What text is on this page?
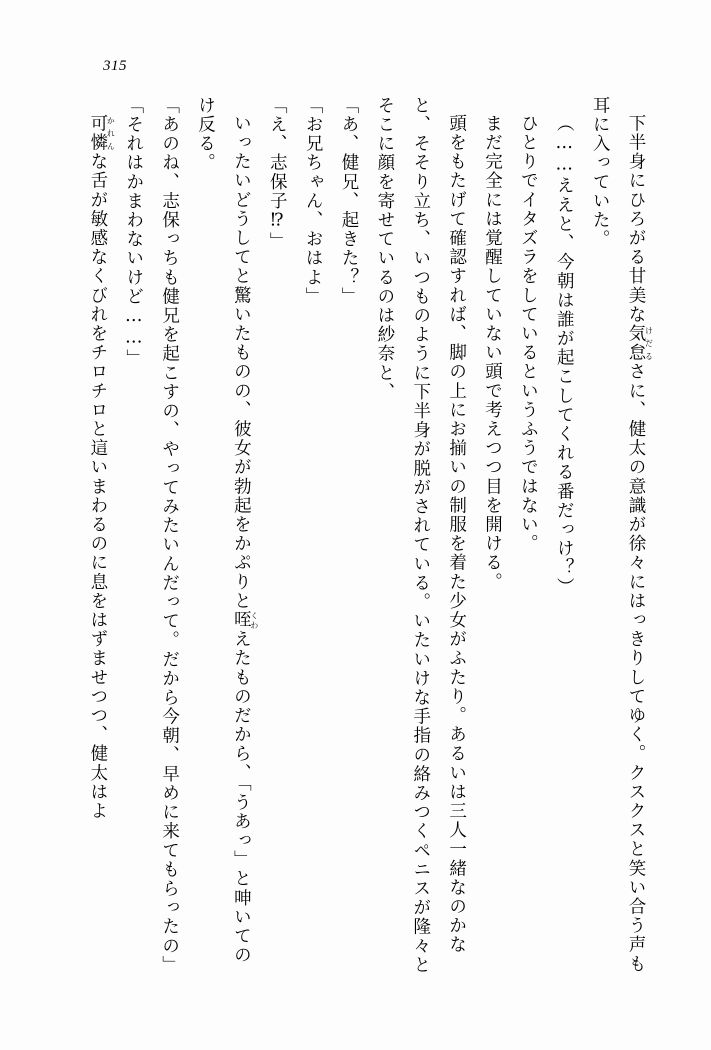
315

下半身にひろがる甘美な気怠けだるさに、健太の意識が徐々にはっきりしてゆく。クスクスと笑い合う声も耳に入っていた。

（……ええと、今朝は誰が起こしてくれる番だっけ？）

ひとりでイタズラをしているというふうではない。

まだ完全には覚醒していない頭で考えつつ目を開ける。

頭をもたげて確認すれば、脚の上にお揃いの制服を着た少女がふたり。あるいは三人一緒なのかなと、そそり立ち、いつものように下半身が脱がされている。いたいけな手指の絡みつくペニスが隆々とそこに顔を寄せているのは紗奈と、

「あ、健兄、起きた？」

「お兄ちゃん、おはよ」

「え、志保子⁉」

いったいどうしてと驚いたものの、彼女が勃起をかぷりと咥くわえたものだから、「うあっ」と呻いてのけ反る。

「あのね、志保っちも健兄を起こすの、やってみたいんだって。だから今朝、早めに来てもらったの」

「それはかまわないけど……」

可憐かれんな舌が敏感なくびれをチロチロと這いまわるのに息をはずませつつ、健太はよ
